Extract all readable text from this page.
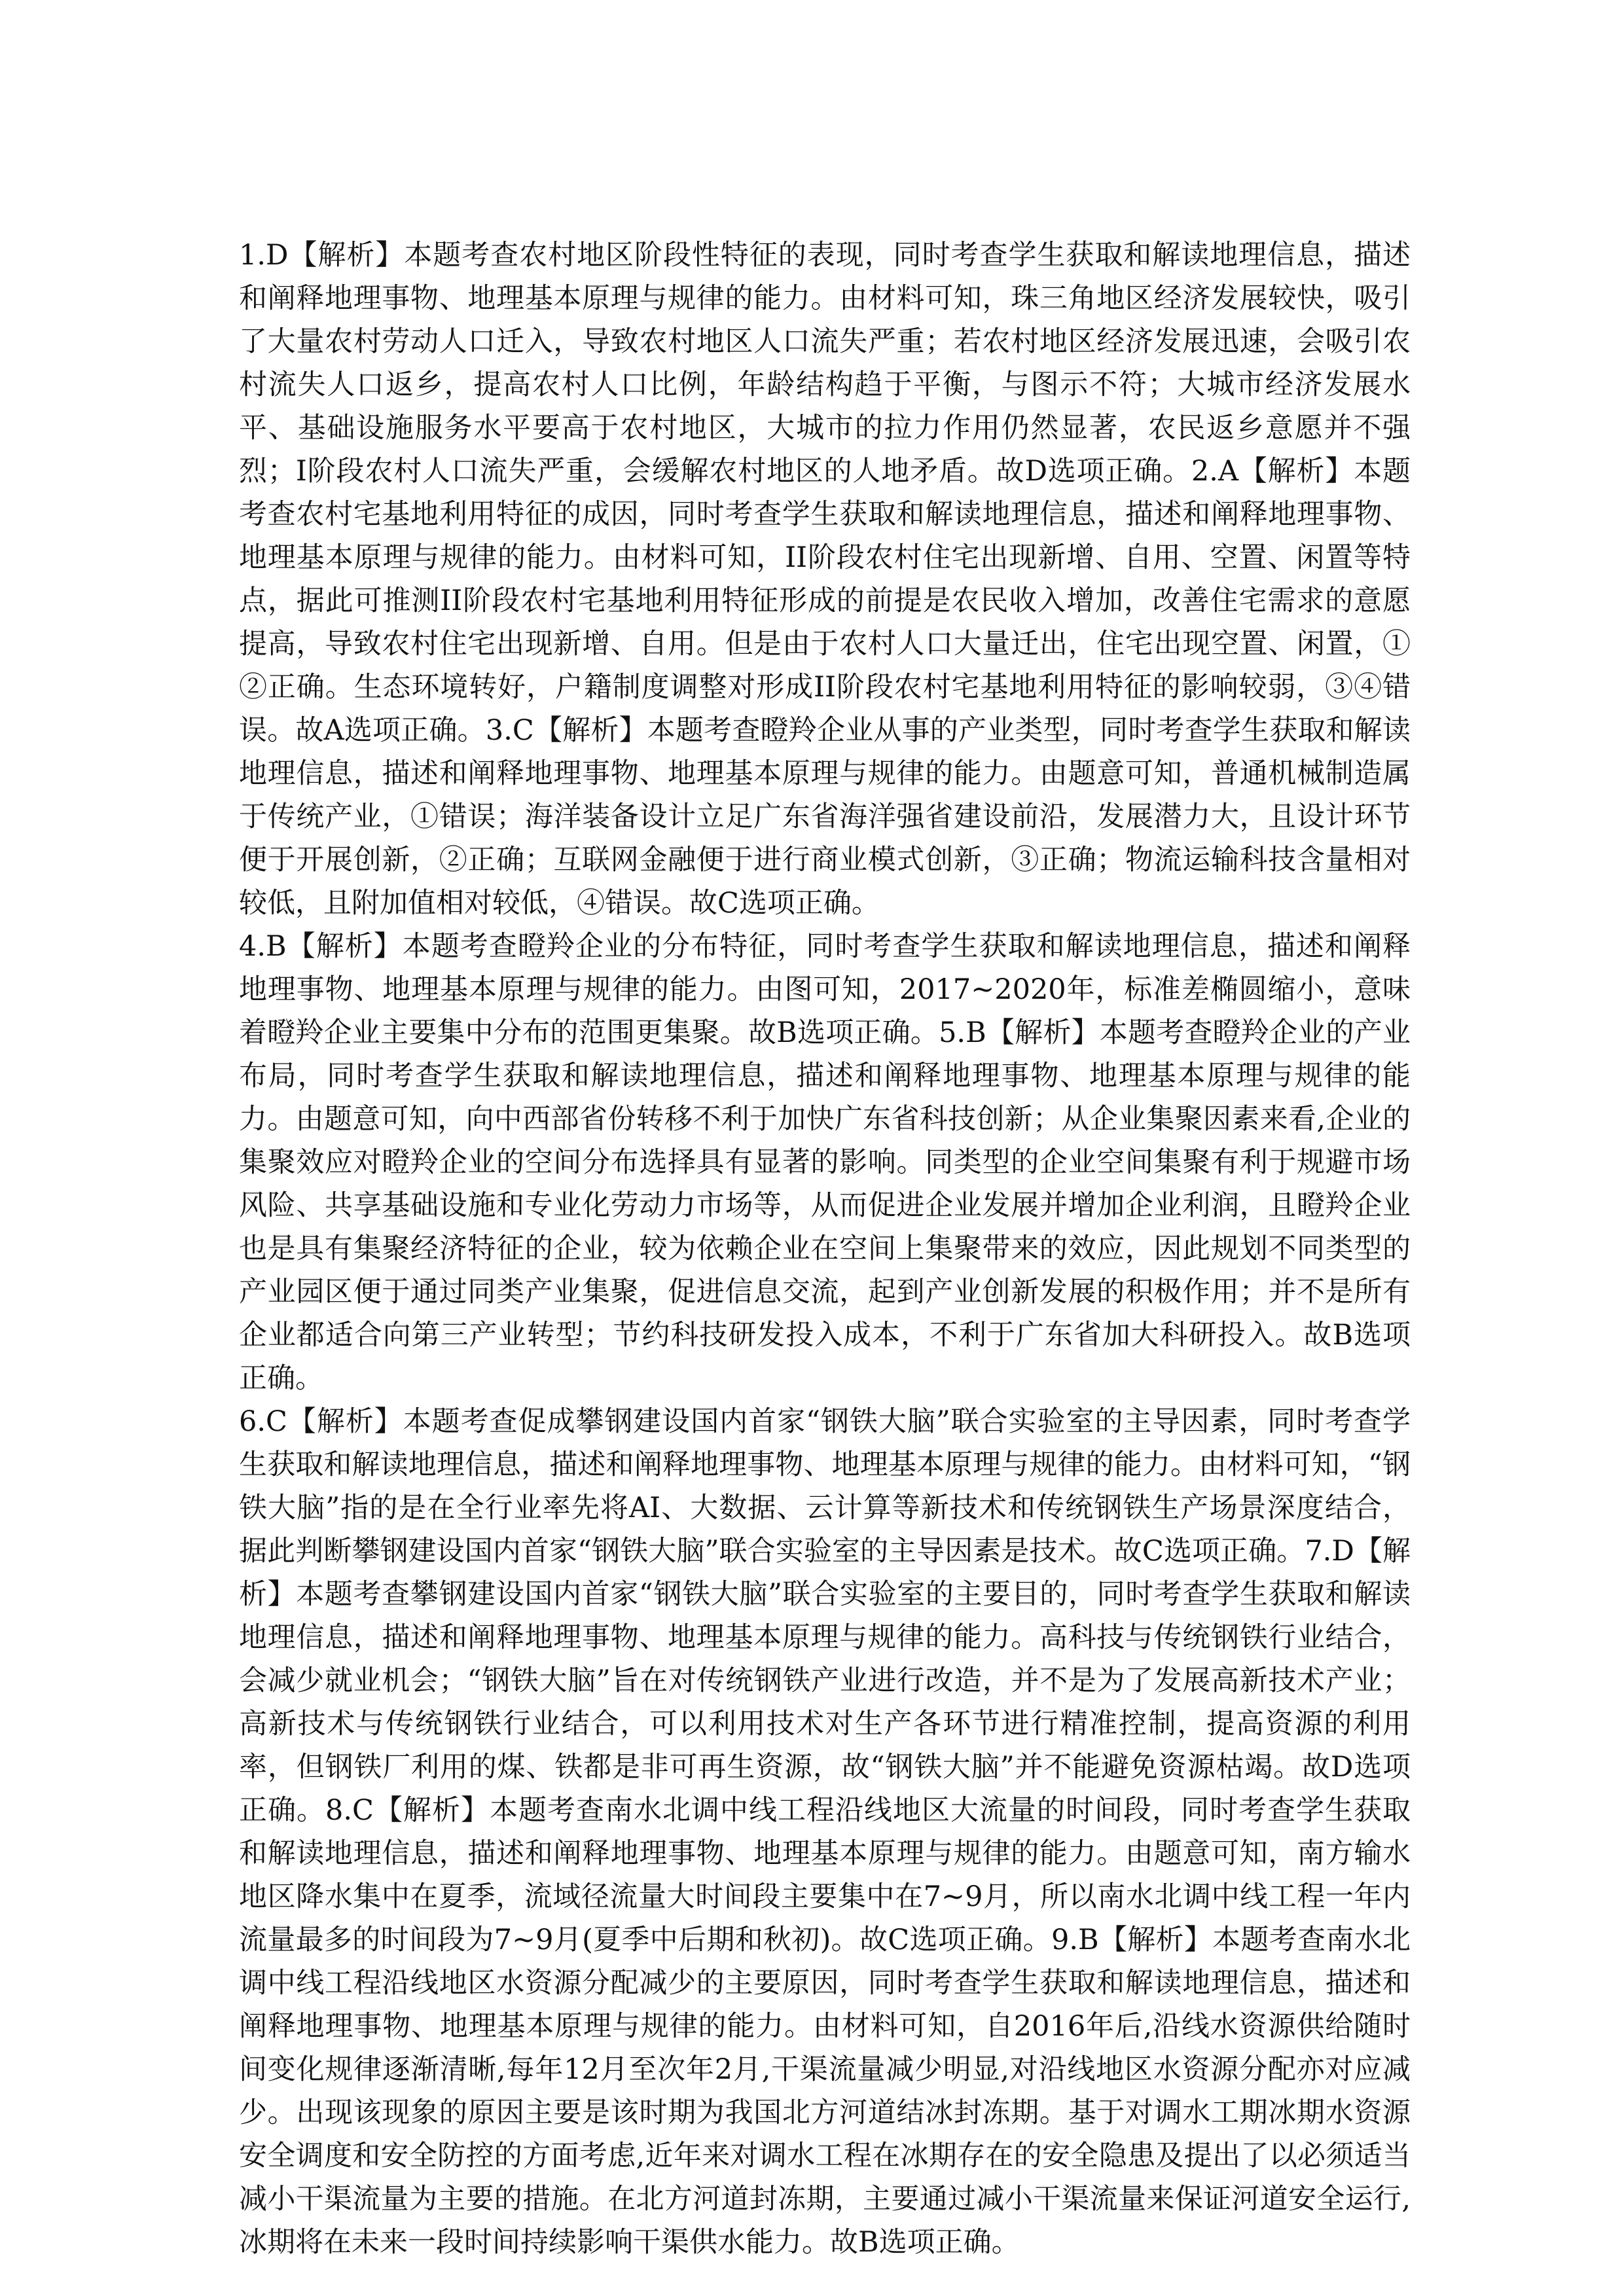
1.D【解析】本题考查农村地区阶段性特征的表现，同时考查学生获取和解读地理信息，描述和阐释地理事物、地理基本原理与规律的能力。由材料可知，珠三角地区经济发展较快，吸引了大量农村劳动人口迁入，导致农村地区人口流失严重；若农村地区经济发展迅速，会吸引农村流失人口返乡，提高农村人口比例，年龄结构趋于平衡，与图示不符；大城市经济发展水平、基础设施服务水平要高于农村地区，大城市的拉力作用仍然显著，农民返乡意愿并不强烈；I阶段农村人口流失严重，会缓解农村地区的人地矛盾。故D选项正确。2.A【解析】本题考查农村宅基地利用特征的成因，同时考查学生获取和解读地理信息，描述和阐释地理事物、地理基本原理与规律的能力。由材料可知，II阶段农村住宅出现新增、自用、空置、闲置等特点，据此可推测II阶段农村宅基地利用特征形成的前提是农民收入增加，改善住宅需求的意愿提高，导致农村住宅出现新增、自用。但是由于农村人口大量迁出，住宅出现空置、闲置，①②正确。生态环境转好，户籍制度调整对形成II阶段农村宅基地利用特征的影响较弱，③④错误。故A选项正确。3.C【解析】本题考查瞪羚企业从事的产业类型，同时考查学生获取和解读地理信息，描述和阐释地理事物、地理基本原理与规律的能力。由题意可知，普通机械制造属于传统产业，①错误；海洋装备设计立足广东省海洋强省建设前沿，发展潜力大，且设计环节便于开展创新，②正确；互联网金融便于进行商业模式创新，③正确；物流运输科技含量相对较低，且附加值相对较低，④错误。故C选项正确。

4.B【解析】本题考查瞪羚企业的分布特征，同时考查学生获取和解读地理信息，描述和阐释地理事物、地理基本原理与规律的能力。由图可知，2017~2020年，标准差椭圆缩小，意味着瞪羚企业主要集中分布的范围更集聚。故B选项正确。5.B【解析】本题考查瞪羚企业的产业布局，同时考查学生获取和解读地理信息，描述和阐释地理事物、地理基本原理与规律的能力。由题意可知，向中西部省份转移不利于加快广东省科技创新；从企业集聚因素来看,企业的集聚效应对瞪羚企业的空间分布选择具有显著的影响。同类型的企业空间集聚有利于规避市场风险、共享基础设施和专业化劳动力市场等，从而促进企业发展并增加企业利润，且瞪羚企业也是具有集聚经济特征的企业，较为依赖企业在空间上集聚带来的效应，因此规划不同类型的产业园区便于通过同类产业集聚，促进信息交流，起到产业创新发展的积极作用；并不是所有企业都适合向第三产业转型；节约科技研发投入成本，不利于广东省加大科研投入。故B选项正确。

6.C【解析】本题考查促成攀钢建设国内首家“钢铁大脑”联合实验室的主导因素，同时考查学生获取和解读地理信息，描述和阐释地理事物、地理基本原理与规律的能力。由材料可知，“钢铁大脑”指的是在全行业率先将AI、大数据、云计算等新技术和传统钢铁生产场景深度结合，据此判断攀钢建设国内首家“钢铁大脑”联合实验室的主导因素是技术。故C选项正确。7.D【解析】本题考查攀钢建设国内首家“钢铁大脑”联合实验室的主要目的，同时考查学生获取和解读地理信息，描述和阐释地理事物、地理基本原理与规律的能力。高科技与传统钢铁行业结合，会减少就业机会；“钢铁大脑”旨在对传统钢铁产业进行改造，并不是为了发展高新技术产业；高新技术与传统钢铁行业结合，可以利用技术对生产各环节进行精准控制，提高资源的利用率，但钢铁厂利用的煤、铁都是非可再生资源，故“钢铁大脑”并不能避免资源枯竭。故D选项正确。8.C【解析】本题考查南水北调中线工程沿线地区大流量的时间段，同时考查学生获取和解读地理信息，描述和阐释地理事物、地理基本原理与规律的能力。由题意可知，南方输水地区降水集中在夏季，流域径流量大时间段主要集中在7~9月，所以南水北调中线工程一年内流量最多的时间段为7~9月(夏季中后期和秋初)。故C选项正确。9.B【解析】本题考查南水北调中线工程沿线地区水资源分配减少的主要原因，同时考查学生获取和解读地理信息，描述和阐释地理事物、地理基本原理与规律的能力。由材料可知，自2016年后,沿线水资源供给随时间变化规律逐渐清晰,每年12月至次年2月,干渠流量减少明显,对沿线地区水资源分配亦对应减少。出现该现象的原因主要是该时期为我国北方河道结冰封冻期。基于对调水工期冰期水资源安全调度和安全防控的方面考虑,近年来对调水工程在冰期存在的安全隐患及提出了以必须适当减小干渠流量为主要的措施。在北方河道封冻期，主要通过减小干渠流量来保证河道安全运行,冰期将在未来一段时间持续影响干渠供水能力。故B选项正确。
